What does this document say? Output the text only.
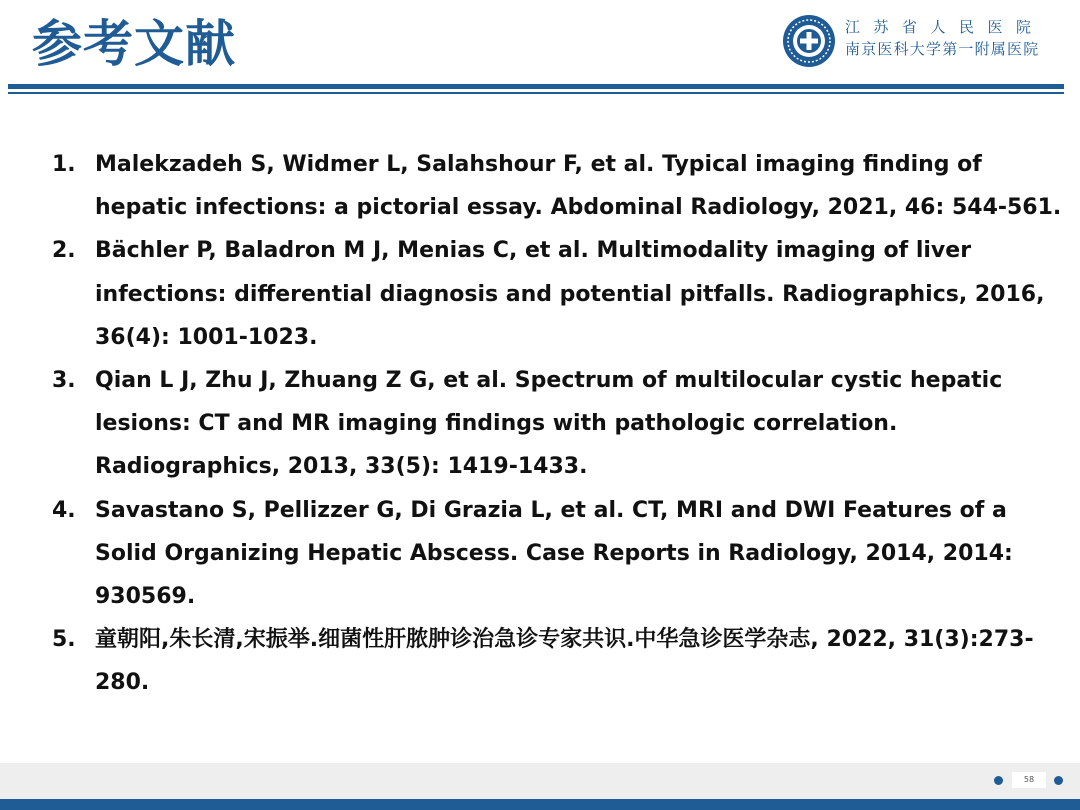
参考文献	江苏省人民医院
南京医科大学第一附属医院
1. Malekzadeh S, Widmer L, Salahshour F, et al. Typical imaging finding of hepatic infections: a pictorial essay. Abdominal Radiology, 2021, 46: 544-561.
2. Bächler P, Baladron M J, Menias C, et al. Multimodality imaging of liver infections: differential diagnosis and potential pitfalls. Radiographics, 2016, 36(4): 1001-1023.
3. Qian L J, Zhu J, Zhuang Z G, et al. Spectrum of multilocular cystic hepatic lesions: CT and MR imaging findings with pathologic correlation. Radiographics, 2013, 33(5): 1419-1433.
4. Savastano S, Pellizzer G, Di Grazia L, et al. CT, MRI and DWI Features of a Solid Organizing Hepatic Abscess. Case Reports in Radiology, 2014, 2014: 930569.
5. 童朝阳,朱长清,宋振举.细菌性肝脓肿诊治急诊专家共识.中华急诊医学杂志, 2022, 31(3):273-280.
58
